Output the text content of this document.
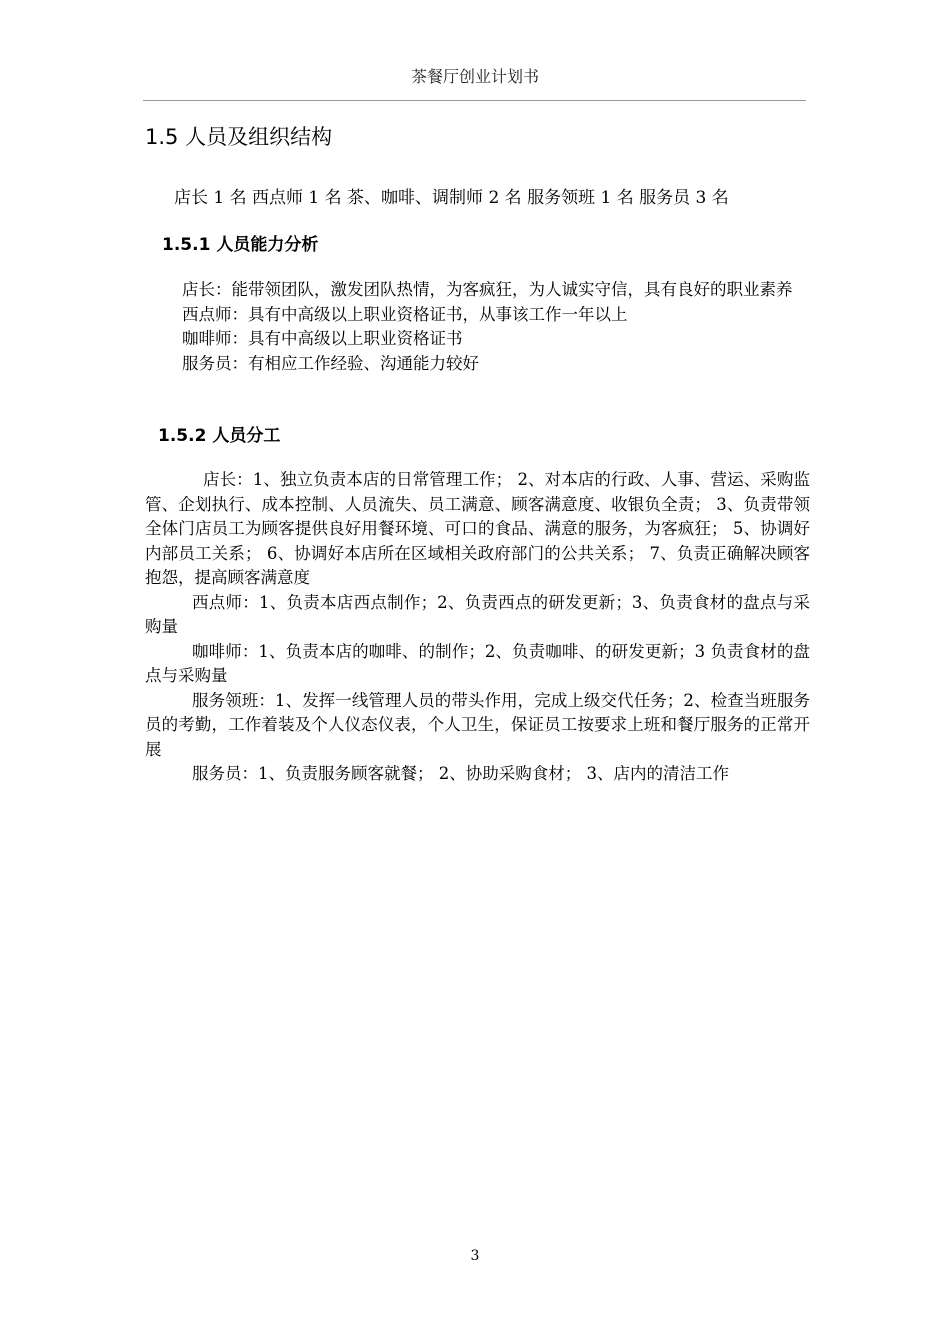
茶餐厅创业计划书
1.5 人员及组织结构
店长 1 名 西点师 1 名 茶、咖啡、调制师 2 名 服务领班 1 名 服务员 3 名
1.5.1 人员能力分析

店长：能带领团队，激发团队热情，为客疯狂，为人诚实守信，具有良好的职业素养

西点师：具有中高级以上职业资格证书，从事该工作一年以上

咖啡师：具有中高级以上职业资格证书

服务员：有相应工作经验、沟通能力较好

1.5.2 人员分工

店长：1、独立负责本店的日常管理工作； 2、对本店的行政、人事、营运、采购监管、企划执行、成本控制、人员流失、员工满意、顾客满意度、收银负全责； 3、负责带领全体门店员工为顾客提供良好用餐环境、可口的食品、满意的服务，为客疯狂； 5、协调好内部员工关系； 6、协调好本店所在区域相关政府部门的公共关系； 7、负责正确解决顾客抱怨，提高顾客满意度

西点师：1、负责本店西点制作；2、负责西点的研发更新；3、负责食材的盘点与采购量

咖啡师：1、负责本店的咖啡、的制作；2、负责咖啡、的研发更新；3 负责食材的盘点与采购量

服务领班：1、发挥一线管理人员的带头作用，完成上级交代任务；2、检查当班服务员的考勤，工作着装及个人仪态仪表，个人卫生，保证员工按要求上班和餐厅服务的正常开展

服务员：1、负责服务顾客就餐； 2、协助采购食材； 3、店内的清洁工作

3
